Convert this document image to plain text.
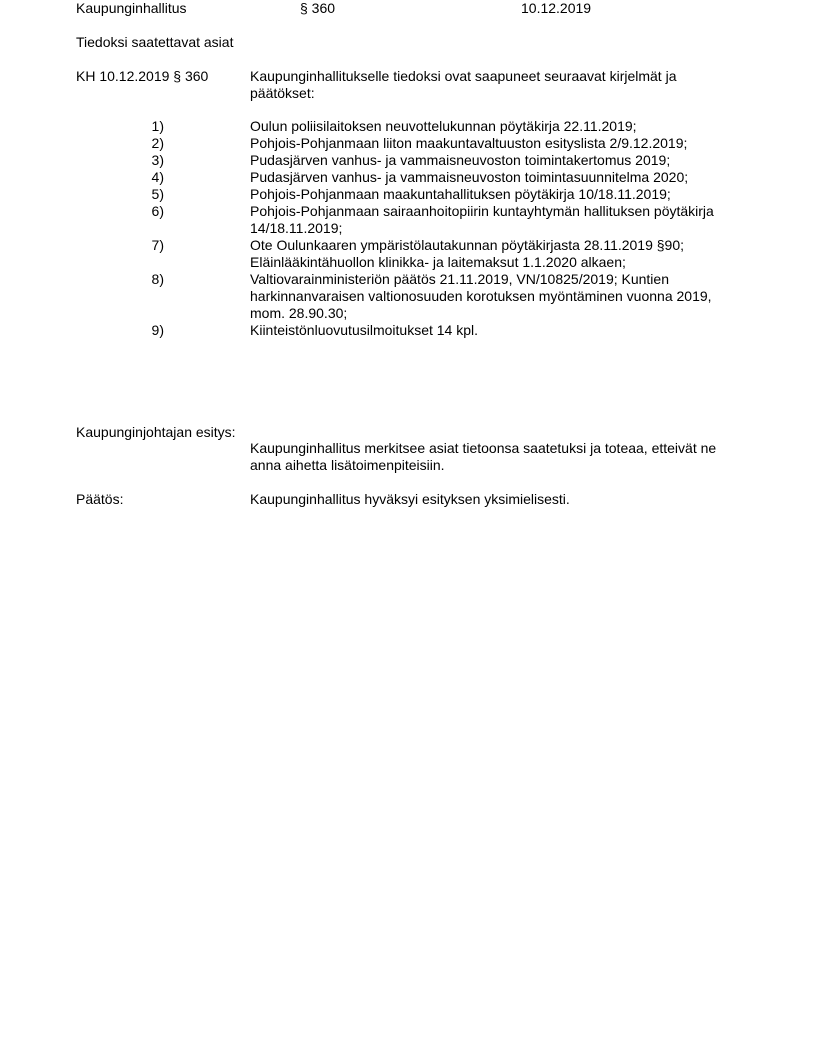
Kaupunginhallitus	§ 360	10.12.2019
Tiedoksi saatettavat asiat
KH 10.12.2019 § 360	Kaupunginhallitukselle tiedoksi ovat saapuneet seuraavat kirjelmät ja päätökset:
1)	Oulun poliisilaitoksen neuvottelukunnan pöytäkirja 22.11.2019;
2)	Pohjois-Pohjanmaan liiton maakuntavaltuuston esityslista 2/9.12.2019;
3)	Pudasjärven vanhus- ja vammaisneuvoston toimintakertomus 2019;
4)	Pudasjärven vanhus- ja vammaisneuvoston toimintasuunnitelma 2020;
5)	Pohjois-Pohjanmaan maakuntahallituksen pöytäkirja 10/18.11.2019;
6)	Pohjois-Pohjanmaan sairaanhoitopiirin kuntayhtymän hallituksen pöytäkirja
14/18.11.2019;
7)	Ote Oulunkaaren ympäristölautakunnan pöytäkirjasta 28.11.2019 §90;
Eläinlääkintähuollon klinikka- ja laitemaksut 1.1.2020 alkaen;
8)	Valtiovarainministeriön päätös 21.11.2019, VN/10825/2019; Kuntien
harkinnanvaraisen valtionosuuden korotuksen myöntäminen vuonna 2019,
mom. 28.90.30;
9)	Kiinteistönluovutusilmoitukset 14 kpl.
Kaupunginjohtajan esitys:
Kaupunginhallitus merkitsee asiat tietoonsa saatetuksi ja toteaa, etteivät ne anna aihetta lisätoimenpiteisiin.
Päätös:	Kaupunginhallitus hyväksyi esityksen yksimielisesti.
